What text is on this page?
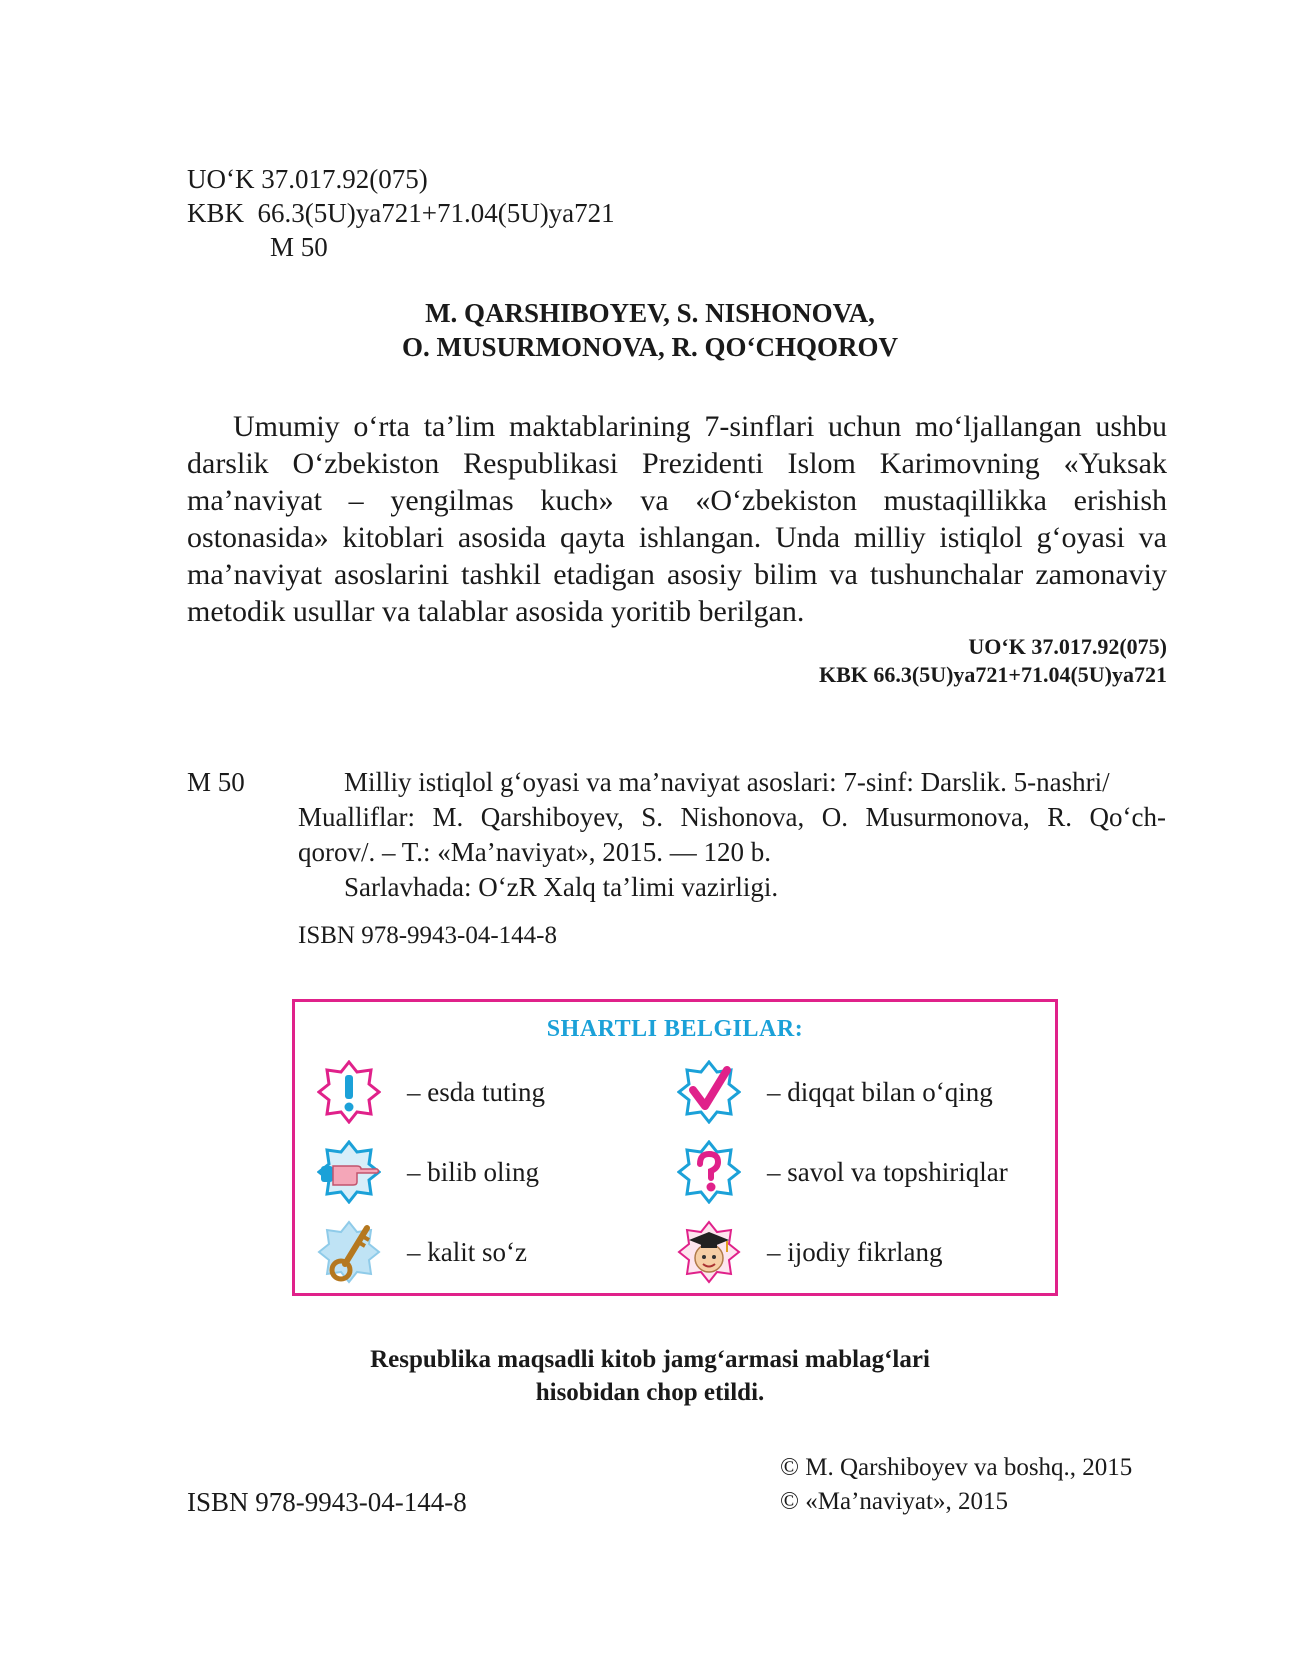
UO‘K 37.017.92(075)
KBK  66.3(5U)ya721+71.04(5U)ya721
M 50
M. QARSHIBOYEV, S. NISHONOVA,
O. MUSURMONOVA, R. QO‘CHQOROV

Umumiy o‘rta ta’lim maktablarining 7-sinflari uchun mo‘ljallangan ushbu darslik O‘zbekiston Respublikasi Prezidenti Islom Karimovning «Yuksak ma’naviyat – yengilmas kuch» va «O‘zbekiston mustaqillikka erishish ostonasida» kitoblari asosida qayta ishlangan. Unda milliy istiqlol g‘oyasi va ma’naviyat asoslarini tashkil etadigan asosiy bilim va tushunchalar zamonaviy metodik usullar va talablar asosida yoritib berilgan.

UO‘K 37.017.92(075)
KBK 66.3(5U)ya721+71.04(5U)ya721
M 50	Milliy istiqlol g‘oyasi va ma’naviyat asoslari: 7-sinf: Darslik. 5-nashri/
Mualliflar: M. Qarshiboyev, S. Nishonova, O. Musurmonova, R. Qo‘ch-
qorov/. – T.: «Ma’naviyat», 2015. — 120 b.
Sarlavhada: O‘zR Xalq ta’limi vazirligi.
ISBN 978-9943-04-144-8
SHARTLI BELGILAR:
– esda tuting	– diqqat bilan o‘qing
– bilib oling	– savol va topshiriqlar
– kalit so‘z	– ijodiy fikrlang
Respublika maqsadli kitob jamg‘armasi mablag‘lari
hisobidan chop etildi.
ISBN 978-9943-04-144-8
© M. Qarshiboyev va boshq., 2015
© «Ma’naviyat», 2015
